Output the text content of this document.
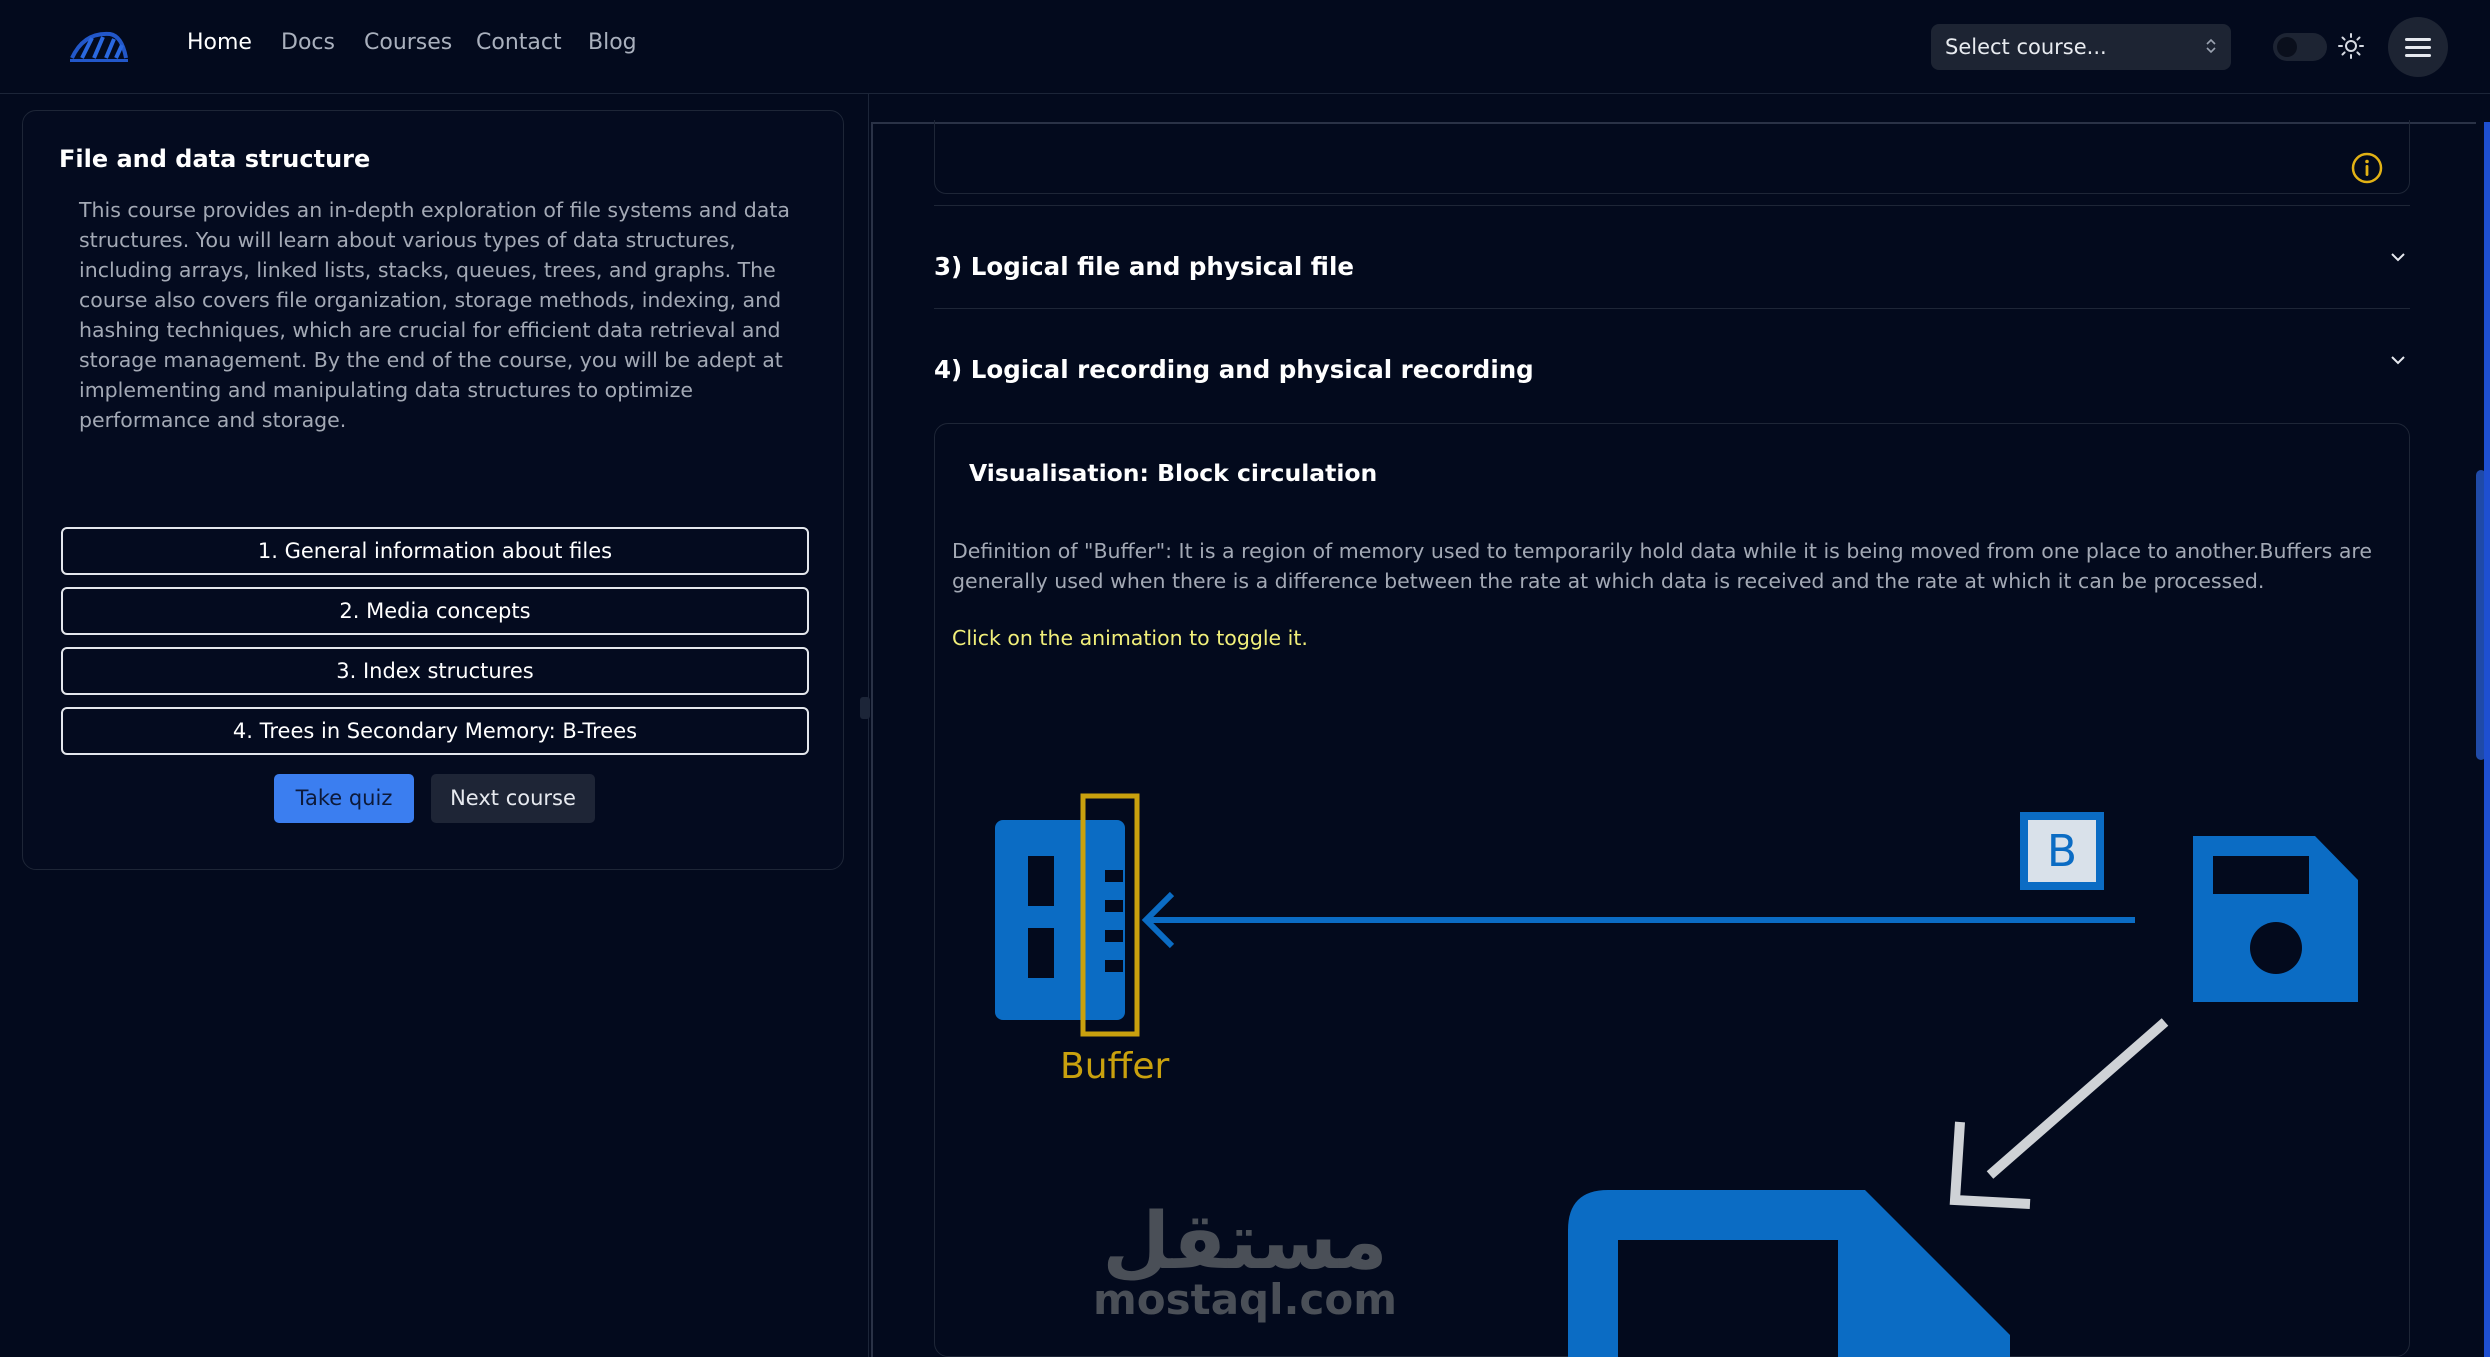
Home Docs Courses Contact Blog	Select course...
File and data structure
This course provides an in-depth exploration of file systems and data structures. You will learn about various types of data structures, including arrays, linked lists, stacks, queues, trees, and graphs. The course also covers file organization, storage methods, indexing, and hashing techniques, which are crucial for efficient data retrieval and storage management. By the end of the course, you will be adept at implementing and manipulating data structures to optimize performance and storage.
1. General information about files
2. Media concepts
3. Index structures
4. Trees in Secondary Memory: B-Trees
Take quiz	Next course
3) Logical file and physical file
4) Logical recording and physical recording
Visualisation: Block circulation
Definition of "Buffer": It is a region of memory used to temporarily hold data while it is being moved from one place to another.Buffers are generally used when there is a difference between the rate at which data is received and the rate at which it can be processed.
Click on the animation to toggle it.
Buffer
B
مستقل
mostaql.com
